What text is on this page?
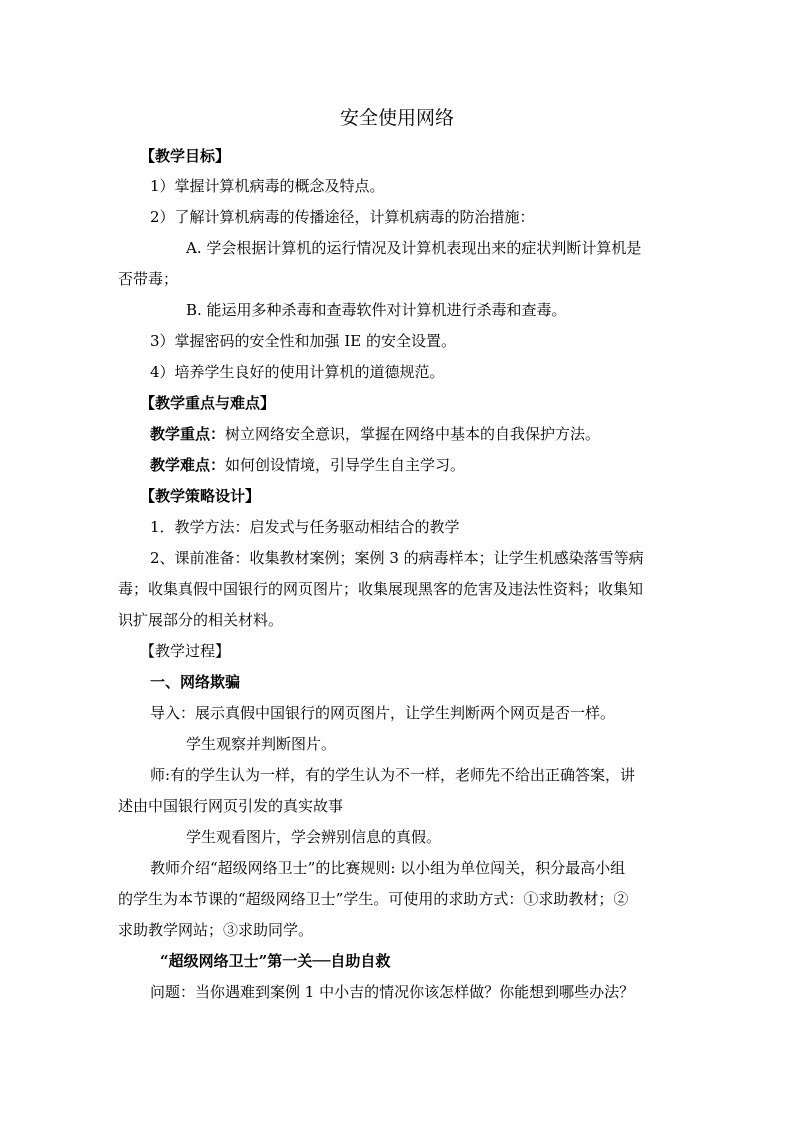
安全使用网络
【教学目标】
1）掌握计算机病毒的概念及特点。
2）了解计算机病毒的传播途径，计算机病毒的防治措施：
A. 学会根据计算机的运行情况及计算机表现出来的症状判断计算机是
否带毒；
B. 能运用多种杀毒和查毒软件对计算机进行杀毒和查毒。
3）掌握密码的安全性和加强 IE 的安全设置。
4）培养学生良好的使用计算机的道德规范。
【教学重点与难点】
教学重点：树立网络安全意识，掌握在网络中基本的自我保护方法。
教学难点：如何创设情境，引导学生自主学习。
【教学策略设计】
1．教学方法：启发式与任务驱动相结合的教学
2、课前准备：收集教材案例；案例 3 的病毒样本；让学生机感染落雪等病
毒；收集真假中国银行的网页图片；收集展现黑客的危害及违法性资料；收集知
识扩展部分的相关材料。
【教学过程】
一、网络欺骗
导入：展示真假中国银行的网页图片，让学生判断两个网页是否一样。
学生观察并判断图片。
师:有的学生认为一样，有的学生认为不一样，老师先不给出正确答案，讲
述由中国银行网页引发的真实故事
学生观看图片，学会辨别信息的真假。
教师介绍“超级网络卫士”的比赛规则: 以小组为单位闯关，积分最高小组
的学生为本节课的“超级网络卫士”学生。可使用的求助方式：①求助教材；②
求助教学网站；③求助同学。
“超级网络卫士”第一关──自助自救
问题：当你遇难到案例 1 中小吉的情况你该怎样做？你能想到哪些办法？
